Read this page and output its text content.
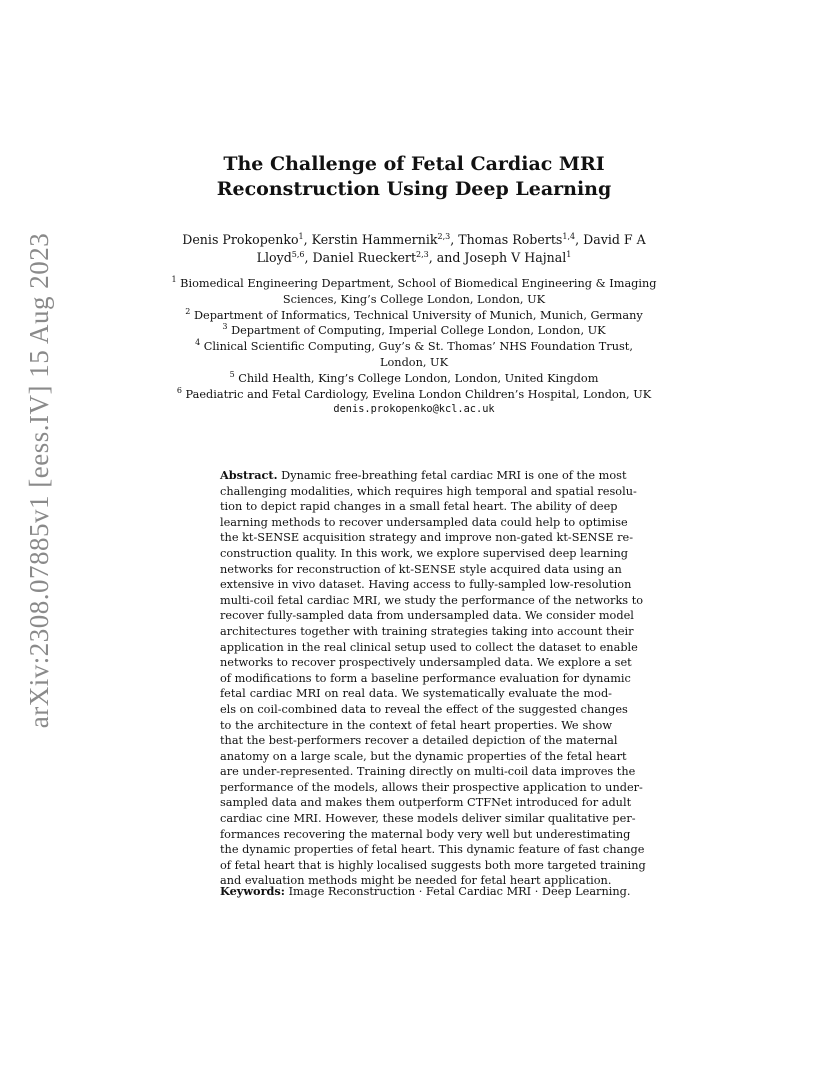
arXiv:2308.07885v1 [eess.IV] 15 Aug 2023
The Challenge of Fetal Cardiac MRI
Reconstruction Using Deep Learning
Denis Prokopenko$^1$, Kerstin Hammernik$^{2,3}$, Thomas Roberts$^{1,4}$, David F A
Lloyd$^{5,6}$, Daniel Rueckert$^{2,3}$, and Joseph V Hajnal$^1$
$^1$ Biomedical Engineering Department, School of Biomedical Engineering & Imaging
Sciences, King’s College London, London, UK
$^2$ Department of Informatics, Technical University of Munich, Munich, Germany
$^3$ Department of Computing, Imperial College London, London, UK
$^4$ Clinical Scientific Computing, Guy’s & St. Thomas’ NHS Foundation Trust,
London, UK
$^5$ Child Health, King’s College London, London, United Kingdom
$^6$ Paediatric and Fetal Cardiology, Evelina London Children’s Hospital, London, UK
denis.prokopenko@kcl.ac.uk
Abstract. Dynamic free-breathing fetal cardiac MRI is one of the most
challenging modalities, which requires high temporal and spatial resolu-
tion to depict rapid changes in a small fetal heart. The ability of deep
learning methods to recover undersampled data could help to optimise
the kt-SENSE acquisition strategy and improve non-gated kt-SENSE re-
construction quality. In this work, we explore supervised deep learning
networks for reconstruction of kt-SENSE style acquired data using an
extensive in vivo dataset. Having access to fully-sampled low-resolution
multi-coil fetal cardiac MRI, we study the performance of the networks to
recover fully-sampled data from undersampled data. We consider model
architectures together with training strategies taking into account their
application in the real clinical setup used to collect the dataset to enable
networks to recover prospectively undersampled data. We explore a set
of modifications to form a baseline performance evaluation for dynamic
fetal cardiac MRI on real data. We systematically evaluate the mod-
els on coil-combined data to reveal the effect of the suggested changes
to the architecture in the context of fetal heart properties. We show
that the best-performers recover a detailed depiction of the maternal
anatomy on a large scale, but the dynamic properties of the fetal heart
are under-represented. Training directly on multi-coil data improves the
performance of the models, allows their prospective application to under-
sampled data and makes them outperform CTFNet introduced for adult
cardiac cine MRI. However, these models deliver similar qualitative per-
formances recovering the maternal body very well but underestimating
the dynamic properties of fetal heart. This dynamic feature of fast change
of fetal heart that is highly localised suggests both more targeted training
and evaluation methods might be needed for fetal heart application.
Keywords: Image Reconstruction · Fetal Cardiac MRI · Deep Learning.
